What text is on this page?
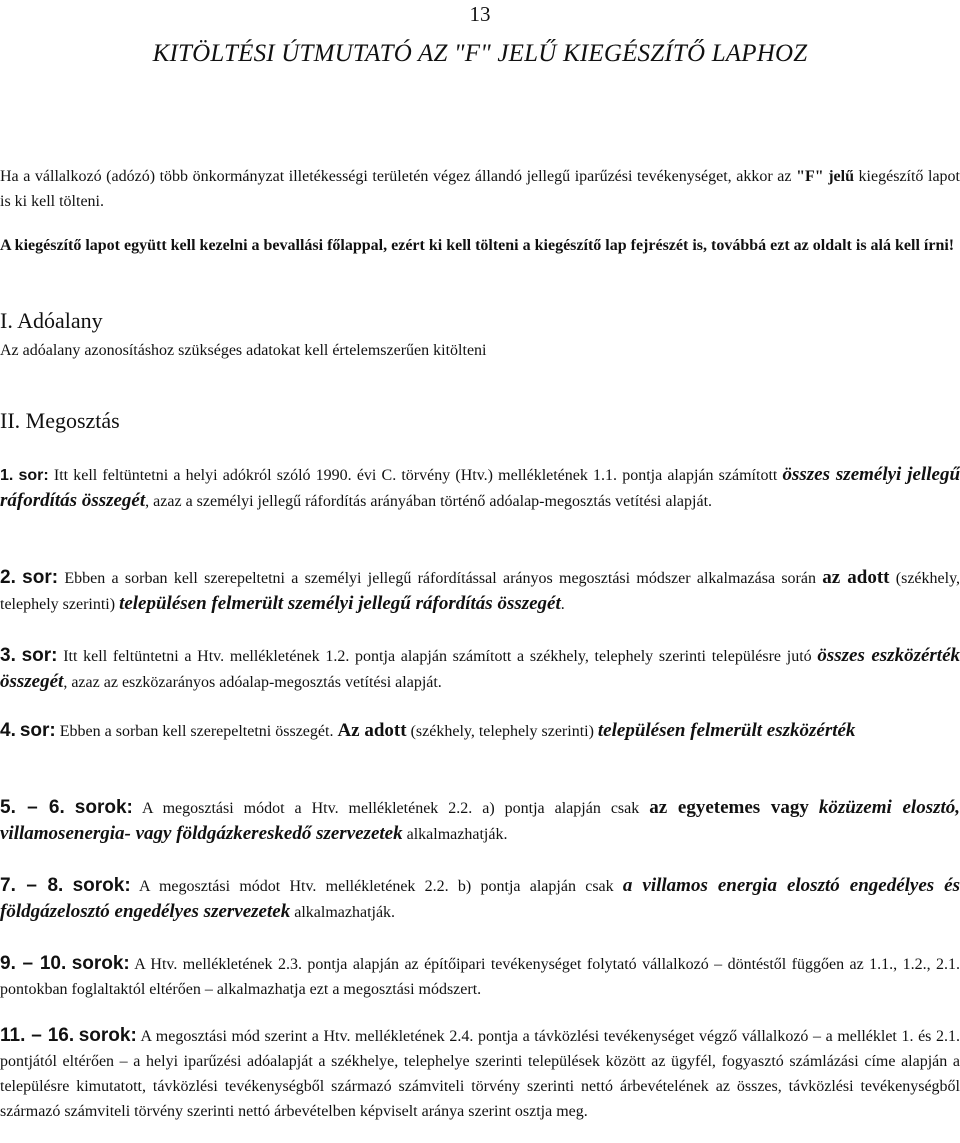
13
KITÖLTÉSI ÚTMUTATÓ AZ "F" JELŰ KIEGÉSZÍTŐ LAPHOZ

Ha a vállalkozó (adózó) több önkormányzat illetékességi területén végez állandó jellegű iparűzési tevékenységet, akkor az "F" jelű kiegészítő lapot is ki kell tölteni.

A kiegészítő lapot együtt kell kezelni a bevallási főlappal, ezért ki kell tölteni a kiegészítő lap fejrészét is, továbbá ezt az oldalt is alá kell írni!

I. Adóalany

Az adóalany azonosításhoz szükséges adatokat kell értelemszerűen kitölteni

II. Megosztás

1. sor: Itt kell feltüntetni a helyi adókról szóló 1990. évi C. törvény (Htv.) mellékletének 1.1. pontja alapján számított összes személyi jellegű ráfordítás összegét, azaz a személyi jellegű ráfordítás arányában történő adóalap-megosztás vetítési alapját.

2. sor: Ebben a sorban kell szerepeltetni a személyi jellegű ráfordítással arányos megosztási módszer alkalmazása során az adott (székhely, telephely szerinti) településen felmerült személyi jellegű ráfordítás összegét.

3. sor: Itt kell feltüntetni a Htv. mellékletének 1.2. pontja alapján számított a székhely, telephely szerinti településre jutó összes eszközérték összegét, azaz az eszközarányos adóalap-megosztás vetítési alapját.

4. sor: Ebben a sorban kell szerepeltetni összegét. Az adott (székhely, telephely szerinti) településen felmerült eszközérték

5. – 6. sorok: A megosztási módot a Htv. mellékletének 2.2. a) pontja alapján csak az egyetemes vagy közüzemi elosztó, villamosenergia- vagy földgázkereskedő szervezetek alkalmazhatják.

7. – 8. sorok: A megosztási módot Htv. mellékletének 2.2. b) pontja alapján csak a villamos energia elosztó engedélyes és földgázelosztó engedélyes szervezetek alkalmazhatják.

9. – 10. sorok: A Htv. mellékletének 2.3. pontja alapján az építőipari tevékenységet folytató vállalkozó – döntéstől függően az 1.1., 1.2., 2.1. pontokban foglaltaktól eltérően – alkalmazhatja ezt a megosztási módszert.

11. – 16. sorok: A megosztási mód szerint a Htv. mellékletének 2.4. pontja a távközlési tevékenységet végző vállalkozó – a melléklet 1. és 2.1. pontjától eltérően – a helyi iparűzési adóalapját a székhelye, telephelye szerinti települések között az ügyfél, fogyasztó számlázási címe alapján a településre kimutatott, távközlési tevékenységből származó számviteli törvény szerinti nettó árbevételének az összes, távközlési tevékenységből származó számviteli törvény szerinti nettó árbevételben képviselt aránya szerint osztja meg.
